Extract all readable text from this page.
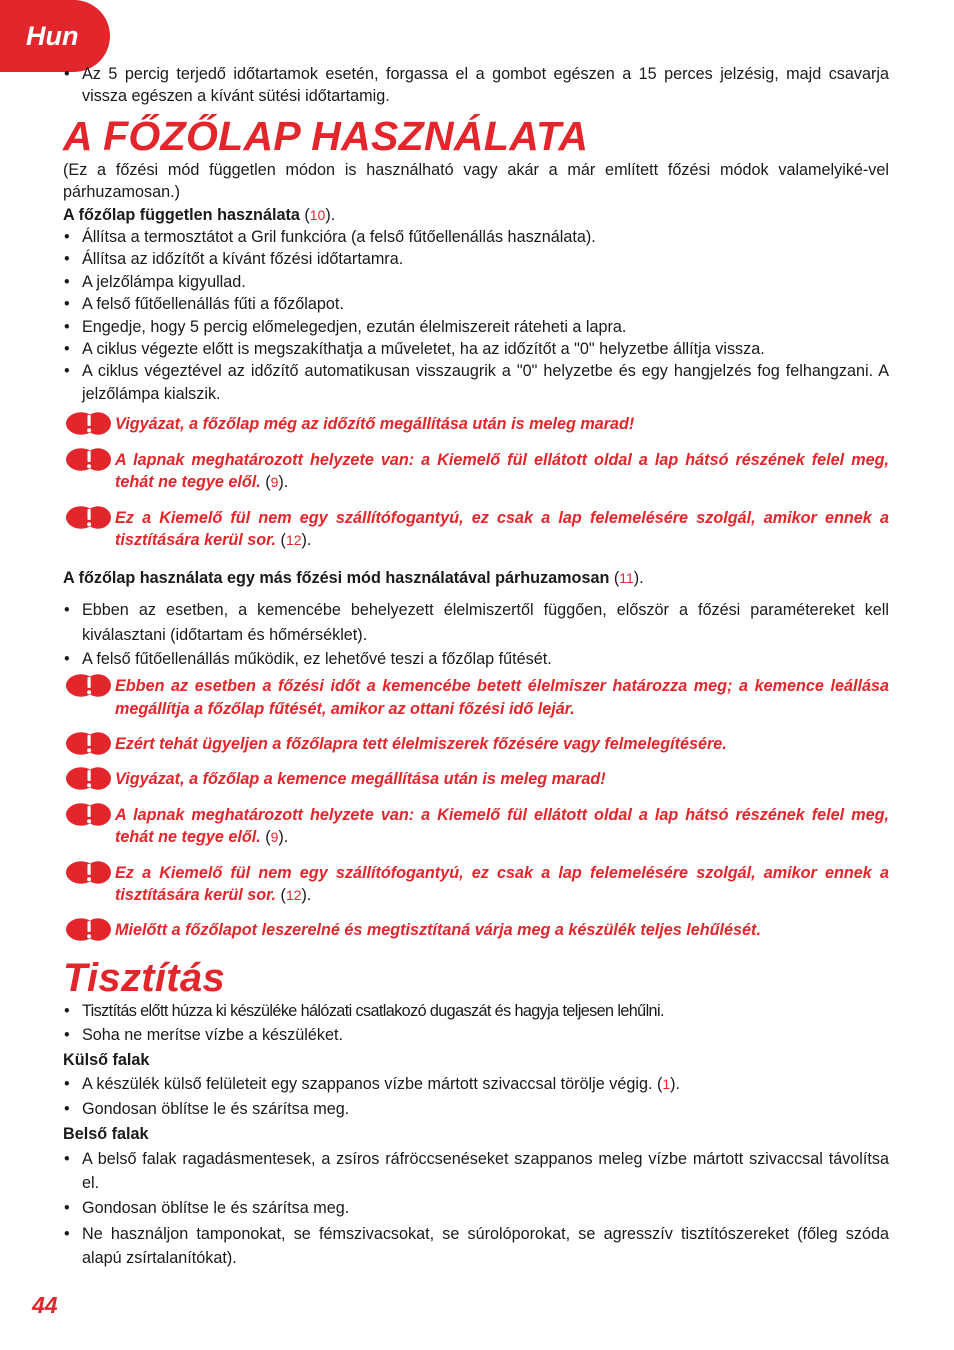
Hun
• Az 5 percig terjedő időtartamok esetén, forgassa el a gombot egészen a 15 perces jelzésig, majd csavarja vissza egészen a kívánt sütési időtartamig.
A FŐZŐLAP HASZNÁLATA
(Ez a főzési mód független módon is használható vagy akár a már említett főzési módok valamelyiké-vel párhuzamosan.)
A főzőlap független használata (10).
• Állítsa a termosztátot a Gril funkcióra (a felső fűtőellenállás használata).
• Állítsa az időzítőt a kívánt főzési időtartamra.
• A jelzőlámpa kigyullad.
• A felső fűtőellenállás fűti a főzőlapot.
• Engedje, hogy 5 percig előmelegedjen, ezután élelmiszereit ráteheti a lapra.
• A ciklus végezte előtt is megszakíthatja a műveletet, ha az időzítőt a "0" helyzetbe állítja vissza.
• A ciklus végeztével az időzítő automatikusan visszaugrik a "0" helyzetbe és egy hangjelzés fog felhangzani. A jelzőlámpa kialszik.
Vigyázat, a főzőlap még az időzítő megállítása után is meleg marad!
A lapnak meghatározott helyzete van: a Kiemelő fül ellátott oldal a lap hátsó részének felel meg, tehát ne tegye elől. (9).
Ez a Kiemelő fül nem egy szállítófogantyú, ez csak a lap felemelésére szolgál, amikor ennek a tisztítására kerül sor. (12).
A főzőlap használata egy más főzési mód használatával párhuzamosan (11).
• Ebben az esetben, a kemencébe behelyezett élelmiszertől függően, először a főzési paramétereket kell kiválasztani (időtartam és hőmérséklet).
• A felső fűtőellenállás működik, ez lehetővé teszi a főzőlap fűtését.
Ebben az esetben a főzési időt a kemencébe betett élelmiszer határozza meg; a kemence leállása megállítja a főzőlap fűtését, amikor az ottani főzési idő lejár.
Ezért tehát ügyeljen a főzőlapra tett élelmiszerek főzésére vagy felmelegítésére.
Vigyázat, a főzőlap a kemence megállítása után is meleg marad!
A lapnak meghatározott helyzete van: a Kiemelő fül ellátott oldal a lap hátsó részének felel meg, tehát ne tegye elől. (9).
Ez a Kiemelő fül nem egy szállítófogantyú, ez csak a lap felemelésére szolgál, amikor ennek a tisztítására kerül sor. (12).
Mielőtt a főzőlapot leszerelné és megtisztítaná várja meg a készülék teljes lehűlését.
Tisztítás
• Tisztítás előtt húzza ki készüléke hálózati csatlakozó dugaszát és hagyja teljesen lehűlni.
• Soha ne merítse vízbe a készüléket.
Külső falak
• A készülék külső felületeit egy szappanos vízbe mártott szivaccsal törölje végig. (1).
• Gondosan öblítse le és szárítsa meg.
Belső falak
• A belső falak ragadásmentesek, a zsíros ráfröccsenéseket szappanos meleg vízbe mártott szivaccsal távolítsa el.
• Gondosan öblítse le és szárítsa meg.
• Ne használjon tamponokat, se fémszivacsokat, se súrolóporokat, se agresszív tisztítószereket (főleg szóda alapú zsírtalanítókat).
44
